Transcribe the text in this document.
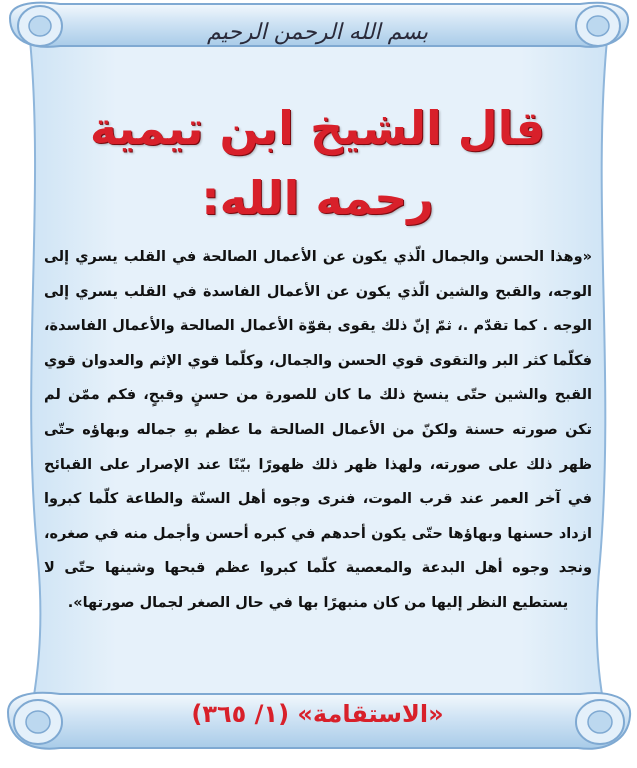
بسم الله الرحمن الرحيم
قال الشيخ ابن تيمية
رحمه الله:
«وهذا الحسن والجمال الّذي يكون عن الأعمال الصالحة في القلب يسري إلى الوجه، والقبح والشين الّذي يكون عن الأعمال الفاسدة في القلب يسري إلى الوجه . كما تقدّم .، ثمّ إنّ ذلك يقوى بقوّة الأعمال الصالحة والأعمال الفاسدة، فكلّما كثر البر والتقوى قوي الحسن والجمال، وكلّما قوي الإثم والعدوان قوي القبح والشين حتّى ينسخ ذلك ما كان للصورة من حسنٍ وقبحٍ، فكم ممّن لم تكن صورته حسنة ولكنّ من الأعمال الصالحة ما عظم بهِ جماله وبهاؤه حتّى ظهر ذلك على صورته، ولهذا ظهر ذلك ظهورًا بيّنًا عند الإصرار على القبائح في آخر العمر عند قرب الموت، فنرى وجوه أهل السنّة والطاعة كلّما كبروا ازداد حسنها وبهاؤها حتّى يكون أحدهم في كبره أحسن وأجمل منه في صغره، ونجد وجوه أهل البدعة والمعصية كلّما كبروا عظم قبحها وشينها حتّى لا يستطيع النظر إليها من كان منبهرًا بها في حال الصغر لجمال صورتها».
«الاستقامة» (١/ ٣٦٥)
